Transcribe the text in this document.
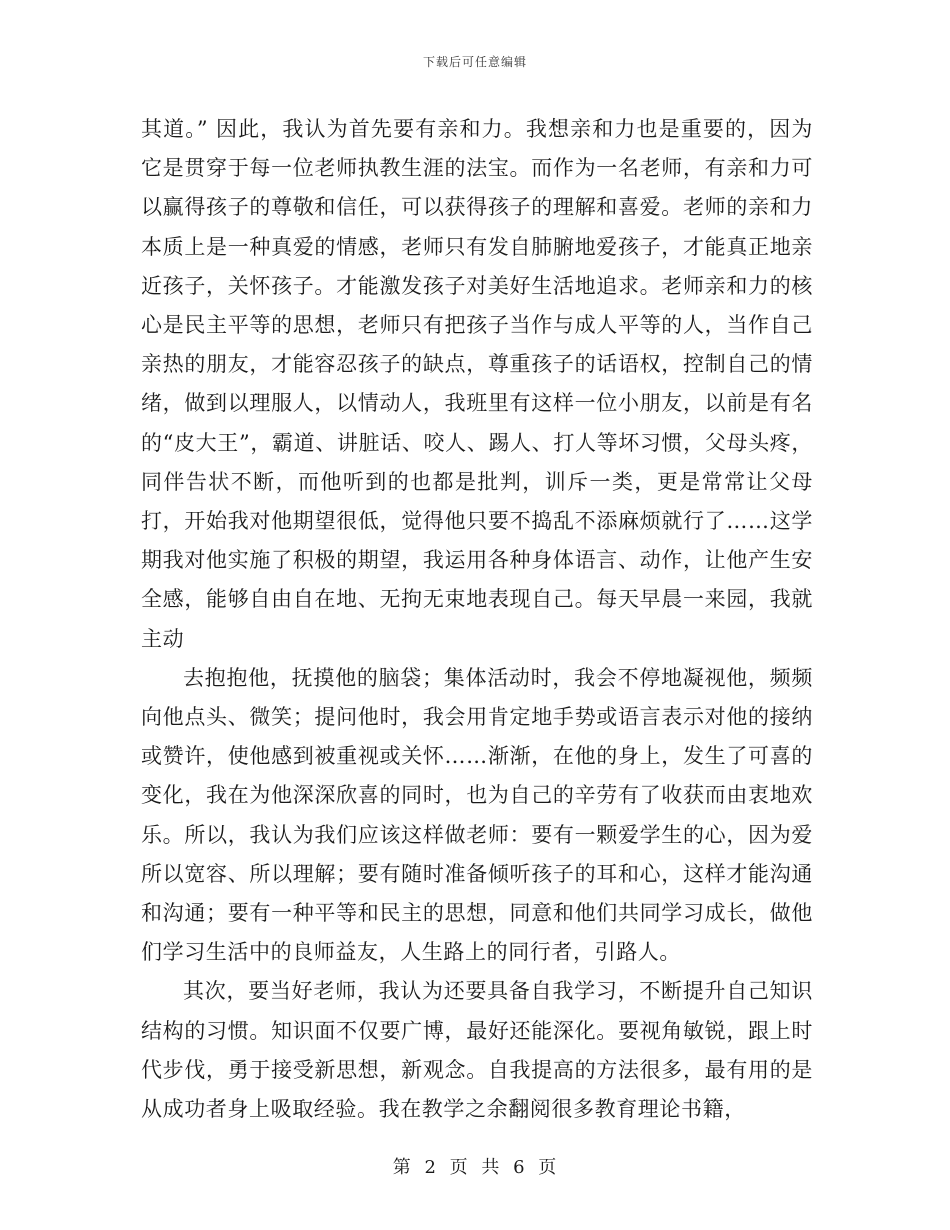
下载后可任意编辑

其道。” 因此，我认为首先要有亲和力。我想亲和力也是重要的，因为它是贯穿于每一位老师执教生涯的法宝。而作为一名老师，有亲和力可以赢得孩子的尊敬和信任，可以获得孩子的理解和喜爱。老师的亲和力本质上是一种真爱的情感，老师只有发自肺腑地爱孩子，才能真正地亲近孩子，关怀孩子。才能激发孩子对美好生活地追求。老师亲和力的核心是民主平等的思想，老师只有把孩子当作与成人平等的人，当作自己亲热的朋友，才能容忍孩子的缺点，尊重孩子的话语权，控制自己的情绪，做到以理服人，以情动人，我班里有这样一位小朋友，以前是有名的“皮大王”，霸道、讲脏话、咬人、踢人、打人等坏习惯，父母头疼，同伴告状不断，而他听到的也都是批判，训斥一类，更是常常让父母打，开始我对他期望很低，觉得他只要不捣乱不添麻烦就行了……这学期我对他实施了积极的期望，我运用各种身体语言、动作，让他产生安全感，能够自由自在地、无拘无束地表现自己。每天早晨一来园，我就主动

去抱抱他，抚摸他的脑袋；集体活动时，我会不停地凝视他，频频向他点头、微笑；提问他时，我会用肯定地手势或语言表示对他的接纳或赞许，使他感到被重视或关怀……渐渐，在他的身上，发生了可喜的变化，我在为他深深欣喜的同时，也为自己的辛劳有了收获而由衷地欢乐。所以，我认为我们应该这样做老师：要有一颗爱学生的心，因为爱所以宽容、所以理解；要有随时准备倾听孩子的耳和心，这样才能沟通和沟通；要有一种平等和民主的思想，同意和他们共同学习成长，做他们学习生活中的良师益友，人生路上的同行者，引路人。

其次，要当好老师，我认为还要具备自我学习，不断提升自己知识结构的习惯。知识面不仅要广博，最好还能深化。要视角敏锐，跟上时代步伐，勇于接受新思想，新观念。自我提高的方法很多，最有用的是从成功者身上吸取经验。我在教学之余翻阅很多教育理论书籍，

第 2 页 共 6 页
